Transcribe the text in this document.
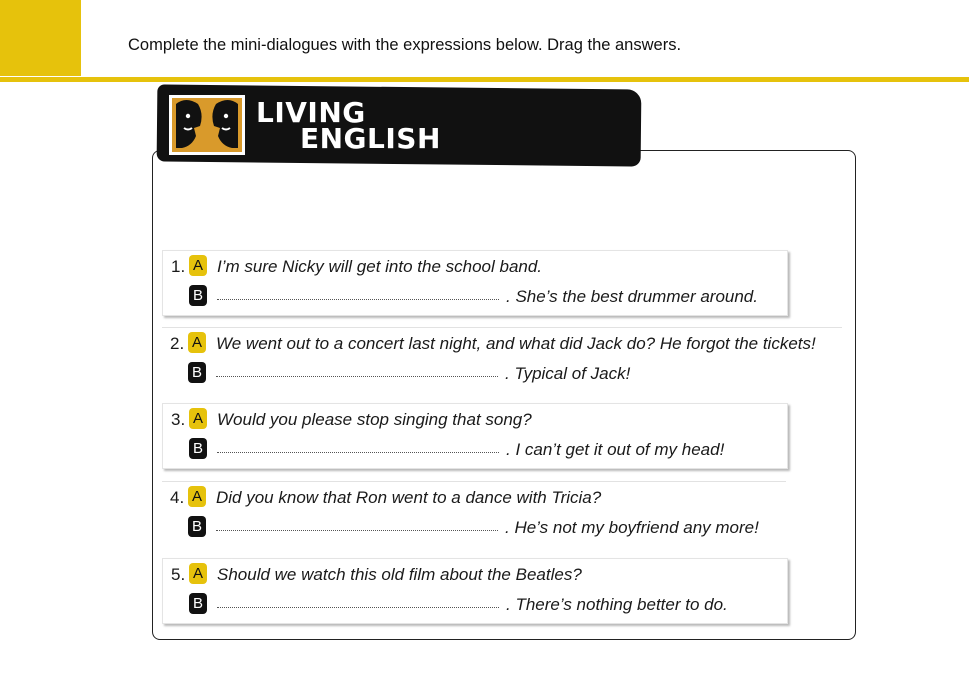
Complete the mini-dialogues with the expressions below. Drag the answers.
LIVING
ENGLISH
1. A I’m sure Nicky will get into the school band.
B	. She’s the best drummer around.
2. A We went out to a concert last night, and what did Jack do? He forgot the tickets!
B	. Typical of Jack!
3. A Would you please stop singing that song?
B	. I can’t get it out of my head!
4. A Did you know that Ron went to a dance with Tricia?
B	. He’s not my boyfriend any more!
5. A Should we watch this old film about the Beatles?
B	. There’s nothing better to do.
